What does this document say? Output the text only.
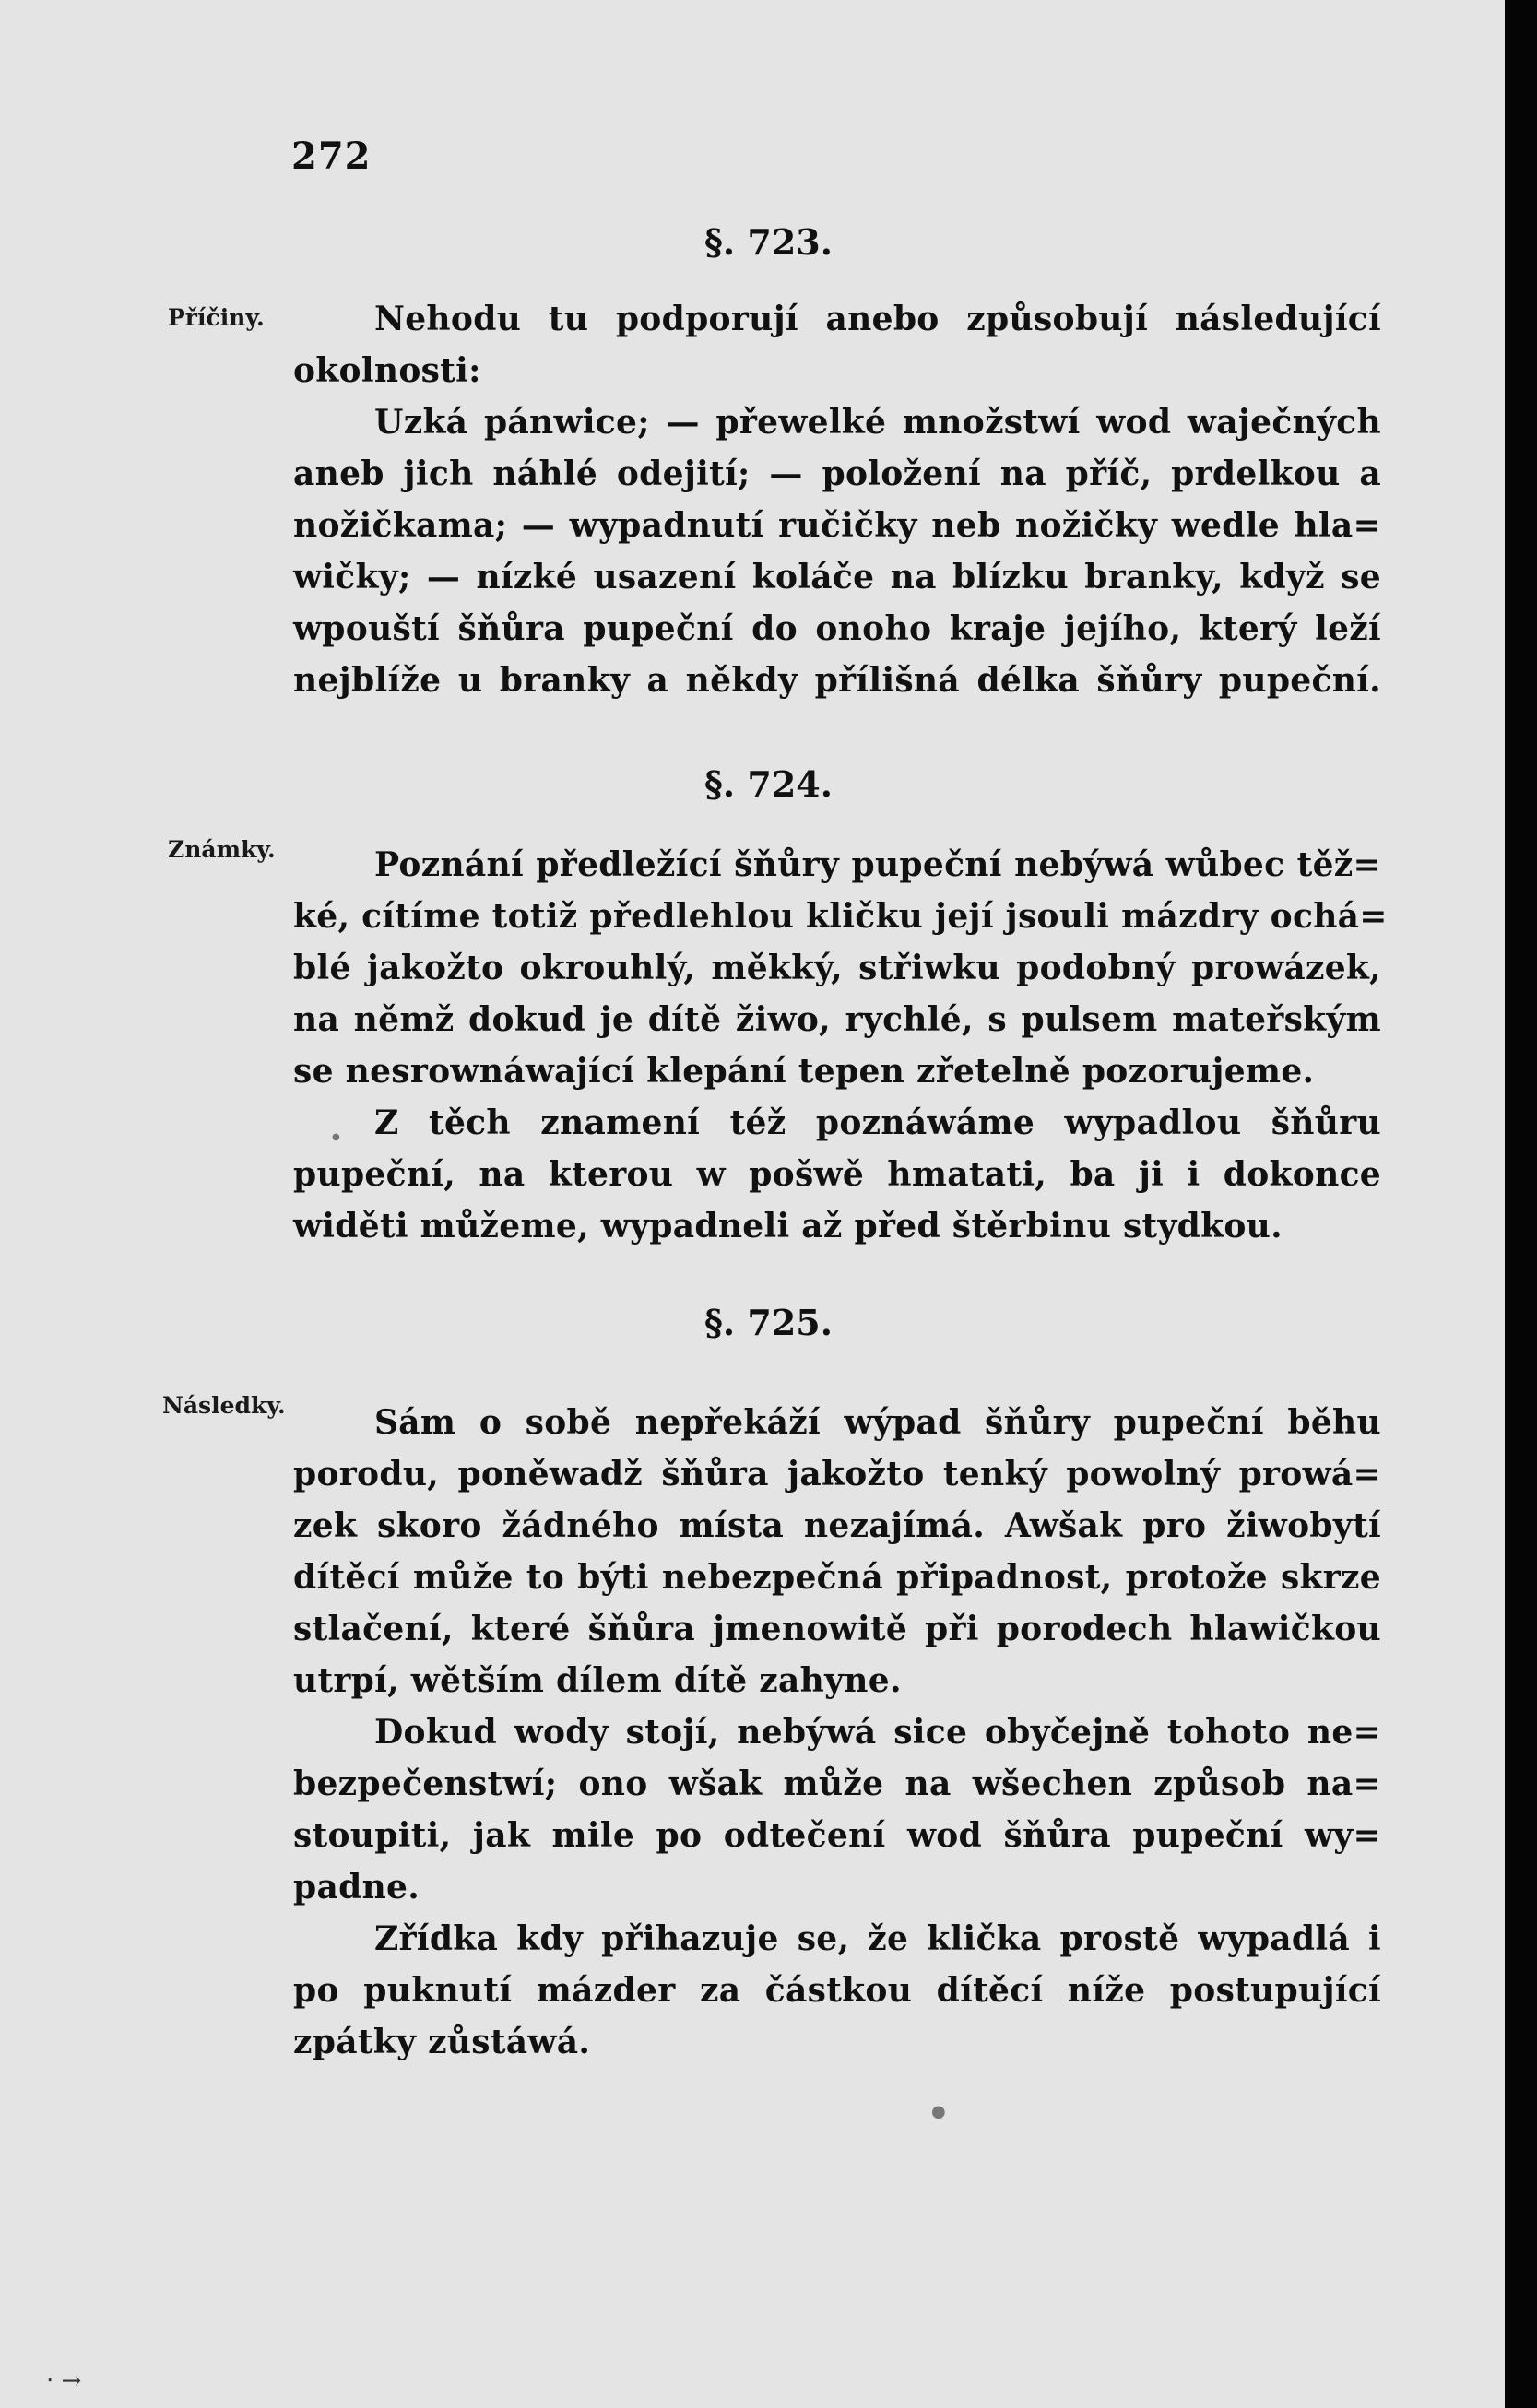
272
§. 723.
Příčiny.	Nehodu tu podporují anebo způsobují následující
okolnosti:
Uzká pánwice; — přewelké množstwí wod waječných
aneb jich náhlé odejití; — položení na příč, prdelkou a
nožičkama; — wypadnutí ručičky neb nožičky wedle hla=
wičky; — nízké usazení koláče na blízku branky, když se
wpouští šňůra pupeční do onoho kraje jejího, který leží
nejblíže u branky a někdy přílišná délka šňůry pupeční.
§. 724.
Známky.	Poznání předležící šňůry pupeční nebýwá wůbec těž=
ké, cítíme totiž předlehlou kličku její jsouli mázdry ochá=
blé jakožto okrouhlý, měkký, střiwku podobný prowázek,
na němž dokud je dítě žiwo, rychlé, s pulsem mateřským
se nesrownáwající klepání tepen zřetelně pozorujeme.
Z těch znamení též poznáwáme wypadlou šňůru
pupeční, na kterou w pošwě hmatati, ba ji i dokonce
widěti můžeme, wypadneli až před štěrbinu stydkou.
§. 725.
Následky.	Sám o sobě nepřekáží wýpad šňůry pupeční běhu
porodu, poněwadž šňůra jakožto tenký powolný prowá=
zek skoro žádného místa nezajímá. Awšak pro žiwobytí
dítěcí může to býti nebezpečná připadnost, protože skrze
stlačení, které šňůra jmenowitě při porodech hlawičkou
utrpí, wětším dílem dítě zahyne.
Dokud wody stojí, nebýwá sice obyčejně tohoto ne=
bezpečenstwí; ono wšak může na wšechen způsob na=
stoupiti, jak mile po odtečení wod šňůra pupeční wy=
padne.
Zřídka kdy přihazuje se, že klička prostě wypadlá i
po puknutí mázder za částkou dítěcí níže postupující
zpátky zůstáwá.
●
●
‧ ⁢→
